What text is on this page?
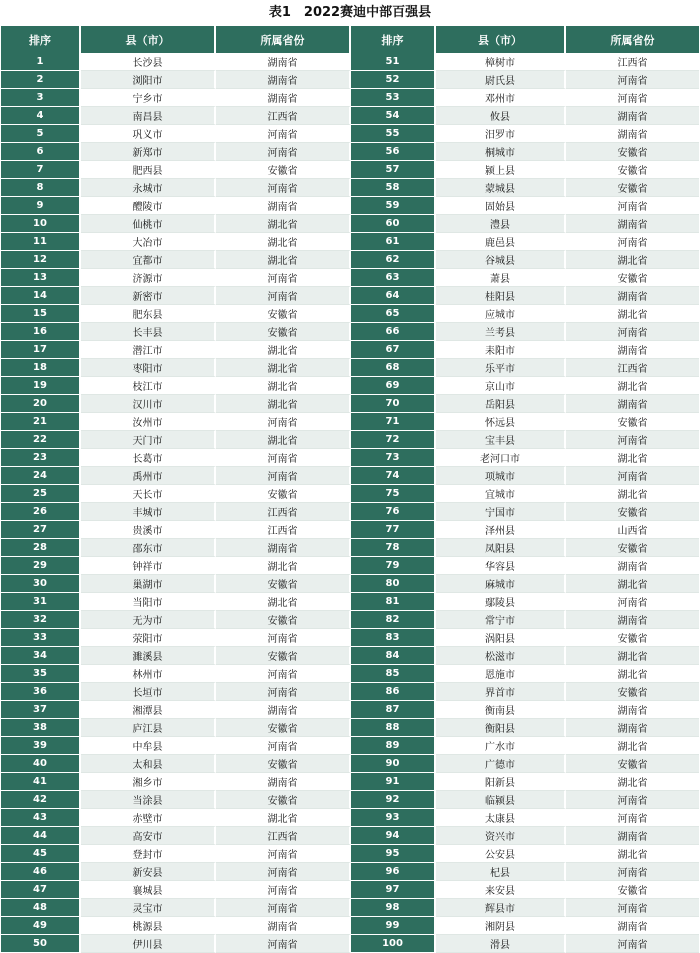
表1　2022赛迪中部百强县
排序	县（市）	所属省份	排序	县（市）	所属省份
1	长沙县	湖南省	51	樟树市	江西省
2	浏阳市	湖南省	52	尉氏县	河南省
3	宁乡市	湖南省	53	邓州市	河南省
4	南昌县	江西省	54	攸县	湖南省
5	巩义市	河南省	55	汨罗市	湖南省
6	新郑市	河南省	56	桐城市	安徽省
7	肥西县	安徽省	57	颍上县	安徽省
8	永城市	河南省	58	蒙城县	安徽省
9	醴陵市	湖南省	59	固始县	河南省
10	仙桃市	湖北省	60	澧县	湖南省
11	大冶市	湖北省	61	鹿邑县	河南省
12	宜都市	湖北省	62	谷城县	湖北省
13	济源市	河南省	63	萧县	安徽省
14	新密市	河南省	64	桂阳县	湖南省
15	肥东县	安徽省	65	应城市	湖北省
16	长丰县	安徽省	66	兰考县	河南省
17	潜江市	湖北省	67	耒阳市	湖南省
18	枣阳市	湖北省	68	乐平市	江西省
19	枝江市	湖北省	69	京山市	湖北省
20	汉川市	湖北省	70	岳阳县	湖南省
21	汝州市	河南省	71	怀远县	安徽省
22	天门市	湖北省	72	宝丰县	河南省
23	长葛市	河南省	73	老河口市	湖北省
24	禹州市	河南省	74	项城市	河南省
25	天长市	安徽省	75	宜城市	湖北省
26	丰城市	江西省	76	宁国市	安徽省
27	贵溪市	江西省	77	泽州县	山西省
28	邵东市	湖南省	78	凤阳县	安徽省
29	钟祥市	湖北省	79	华容县	湖南省
30	巢湖市	安徽省	80	麻城市	湖北省
31	当阳市	湖北省	81	鄢陵县	河南省
32	无为市	安徽省	82	常宁市	湖南省
33	荥阳市	河南省	83	涡阳县	安徽省
34	濉溪县	安徽省	84	松滋市	湖北省
35	林州市	河南省	85	恩施市	湖北省
36	长垣市	河南省	86	界首市	安徽省
37	湘潭县	湖南省	87	衡南县	湖南省
38	庐江县	安徽省	88	衡阳县	湖南省
39	中牟县	河南省	89	广水市	湖北省
40	太和县	安徽省	90	广德市	安徽省
41	湘乡市	湖南省	91	阳新县	湖北省
42	当涂县	安徽省	92	临颍县	河南省
43	赤壁市	湖北省	93	太康县	河南省
44	高安市	江西省	94	资兴市	湖南省
45	登封市	河南省	95	公安县	湖北省
46	新安县	河南省	96	杞县	河南省
47	襄城县	河南省	97	来安县	安徽省
48	灵宝市	河南省	98	辉县市	河南省
49	桃源县	湖南省	99	湘阴县	湖南省
50	伊川县	河南省	100	滑县	河南省
